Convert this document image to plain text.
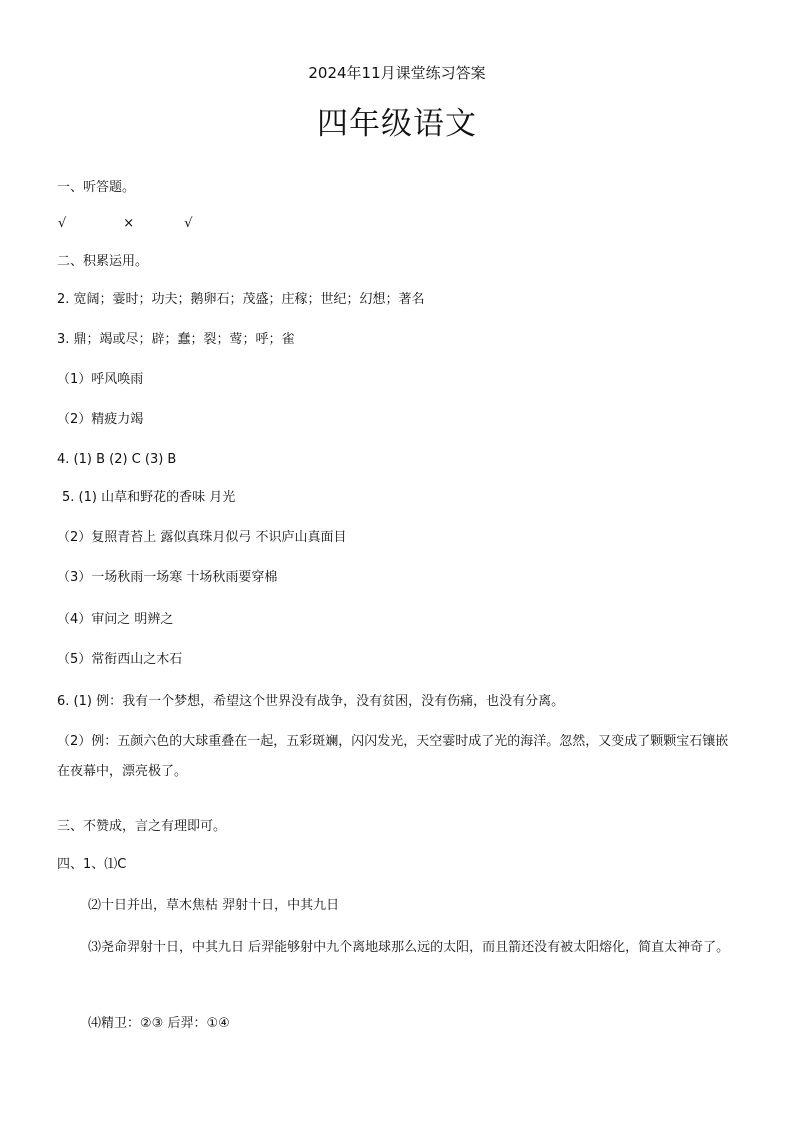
2024年11月课堂练习答案
四年级语文
一、听答题。
√	×	√
二、积累运用。
2. 宽阔；霎时；功夫；鹅卵石；茂盛；庄稼；世纪；幻想；著名
3. 鼎；竭或尽；辟；蠢；裂；莺；呼；雀
（1）呼风唤雨
（2）精疲力竭
4. (1) B (2) C (3) B
5. (1) 山草和野花的香味 月光
（2）复照青苔上 露似真珠月似弓 不识庐山真面目
（3）一场秋雨一场寒 十场秋雨要穿棉
（4）审问之 明辨之
（5）常衔西山之木石
6. (1) 例：我有一个梦想，希望这个世界没有战争，没有贫困，没有伤痛，也没有分离。
（2）例：五颜六色的大球重叠在一起，五彩斑斓，闪闪发光，天空霎时成了光的海洋。忽然，又变成了颗颗宝石镶嵌在夜幕中，漂亮极了。
三、不赞成，言之有理即可。
四、1、⑴C
⑵十日并出，草木焦枯 羿射十日，中其九日
⑶尧命羿射十日，中其九日 后羿能够射中九个离地球那么远的太阳，而且箭还没有被太阳熔化，简直太神奇了。
⑷精卫：②③ 后羿：①④
